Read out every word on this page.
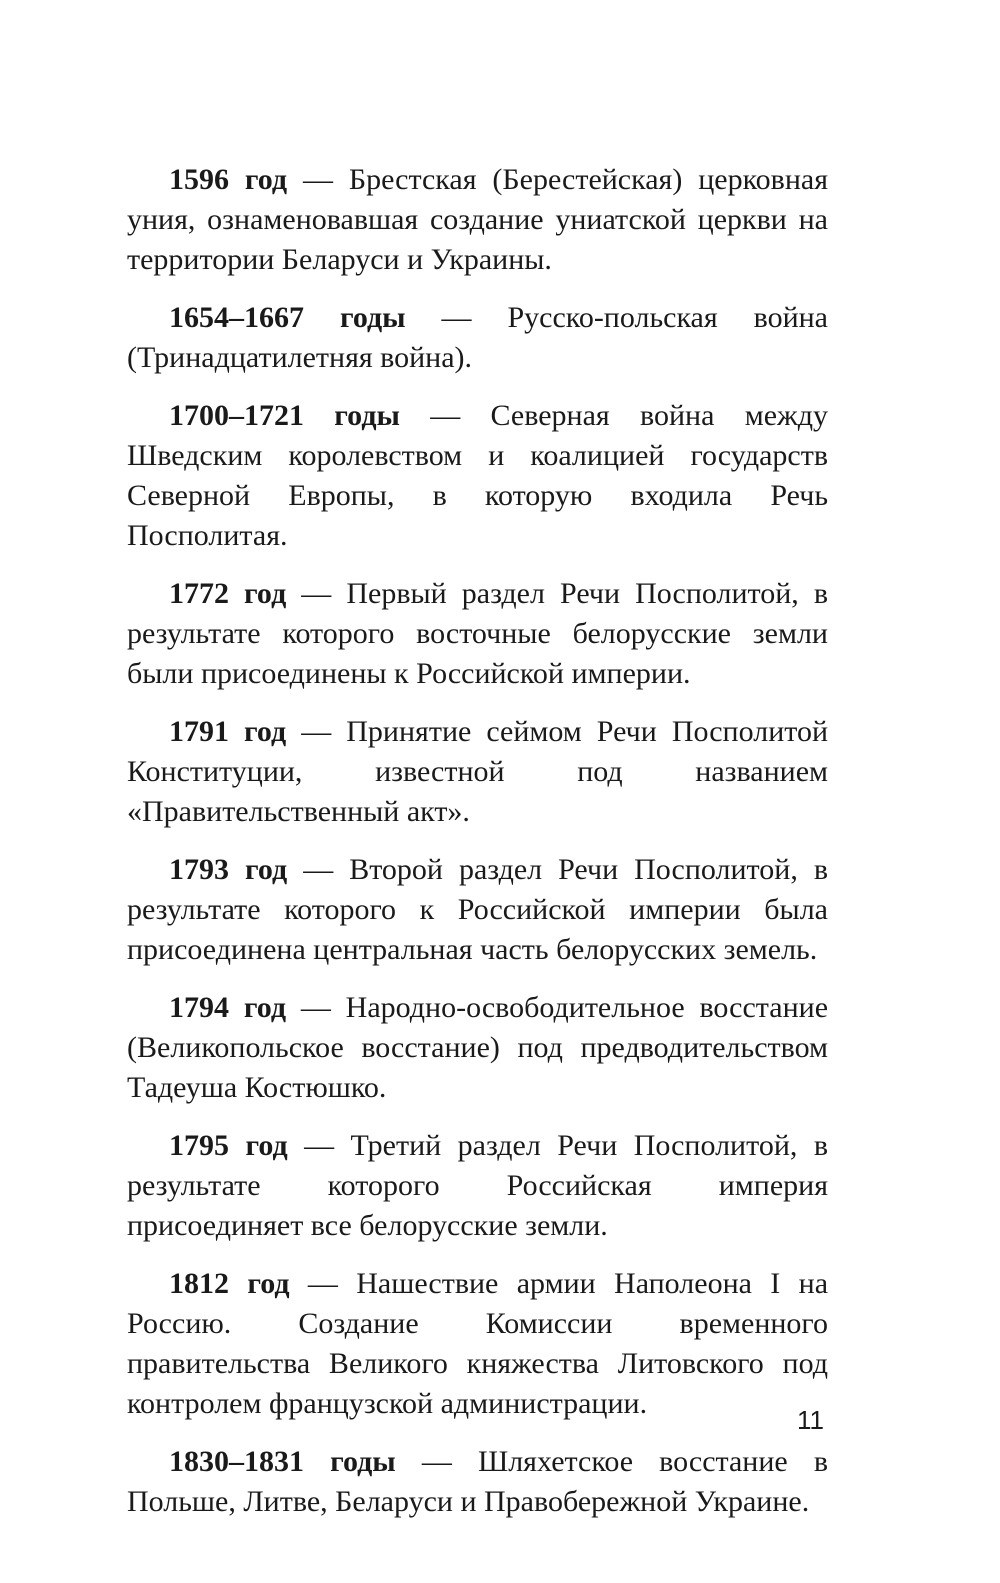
1596 год — Брестская (Берестейская) церковная уния, ознаменовавшая создание униатской церкви на территории Беларуси и Украины.

1654–1667 годы — Русско-польская война (Тринадцатилетняя война).

1700–1721 годы — Северная война между Шведским королевством и коалицией государств Северной Европы, в которую входила Речь Посполитая.

1772 год — Первый раздел Речи Посполитой, в результате которого восточные белорусские земли были присоединены к Российской империи.

1791 год — Принятие сеймом Речи Посполитой Конституции, известной под названием «Правительственный акт».

1793 год — Второй раздел Речи Посполитой, в результате которого к Российской империи была присоединена центральная часть белорусских земель.

1794 год — Народно-освободительное восстание (Великопольское восстание) под предводительством Тадеуша Костюшко.

1795 год — Третий раздел Речи Посполитой, в результате которого Российская империя присоединяет все белорусские земли.

1812 год — Нашествие армии Наполеона I на Россию. Создание Комиссии временного правительства Великого княжества Литовского под контролем французской администрации.

1830–1831 годы — Шляхетское восстание в Польше, Литве, Беларуси и Правобережной Украине.

11
